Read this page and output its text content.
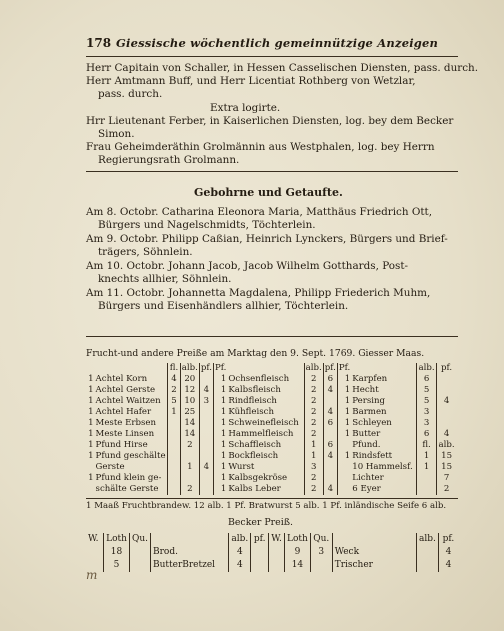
178 Giessische wöchentlich gemeinnützige Anzeigen
Herr Capitain von Schaller, in Hessen Casselischen Diensten, pass. durch.
Herr Amtmann Buff, und Herr Licentiat Rothberg von Wetzlar,
pass. durch.
Extra logirte.
Hrr Lieutenant Ferber, in Kaiserlichen Diensten, log. bey dem Becker
Simon.
Frau Geheimderäthin Grolmännin aus Westphalen, log. bey Herrn
Regierungsrath Grolmann.
Gebohrne und Getaufte.
Am 8. Octobr. Catharina Eleonora Maria, Matthäus Friedrich Ott,
Bürgers und Nagelschmidts, Töchterlein.
Am 9. Octobr. Philipp Caßian, Heinrich Lynckers, Bürgers und Brief-
trägers, Söhnlein.
Am 10. Octobr. Johann Jacob, Jacob Wilhelm Gotthards, Post-
knechts allhier, Söhnlein.
Am 11. Octobr. Johannetta Magdalena, Philipp Friederich Muhm,
Bürgers und Eisenhändlers allhier, Töchterlein.
Frucht-und andere Preiße am Marktag den 9. Sept. 1769. Giesser Maas.
		fl.	alb.	pf.	Pf.		alb.	pf.	Pf.		alb.	pf.
1	Achtel Korn	4	20		1	Ochsenfleisch	2	6	1	Karpfen	6	
1	Achtel Gerste	2	12	4	1	Kalbsfleisch	2	4	1	Hecht	5	
1	Achtel Waitzen	5	10	3	1	Rindfleisch	2		1	Persing	5	4
1	Achtel Hafer	1	25		1	Kühfleisch	2	4	1	Barmen	3	
1	Meste Erbsen		14		1	Schweinefleisch	2	6	1	Schleyen	3	
1	Meste Linsen		14		1	Hammelfleisch	2		1	Butter	6	4
1	Pfund Hirse		2		1	Schaffleisch	1	6		Pfund.	fl.	alb.
1	Pfund geschälte				1	Bockfleisch	1	4	1	Rindsfett	1	15
	Gerste		1	4	1	Wurst	3			10 Hammelsf.	1	15
1	Pfund klein ge-				1	Kalbsgekröse	2			Lichter		7
	schälte Gerste		2		1	Kalbs Leber	2	4		6 Eyer		2
1 Maaß Fruchtbrandew. 12 alb. 1 Pf. Bratwurst 5 alb. 1 Pf. inländische Seife 6 alb.
Becker Preiß.
W.	Loth	Qu.		alb.	pf.	W.	Loth	Qu.		alb.	pf.
	18		Brod.	4			9	3	Weck		4
	5		ButterBretzel	4			14		Trischer		4
m
